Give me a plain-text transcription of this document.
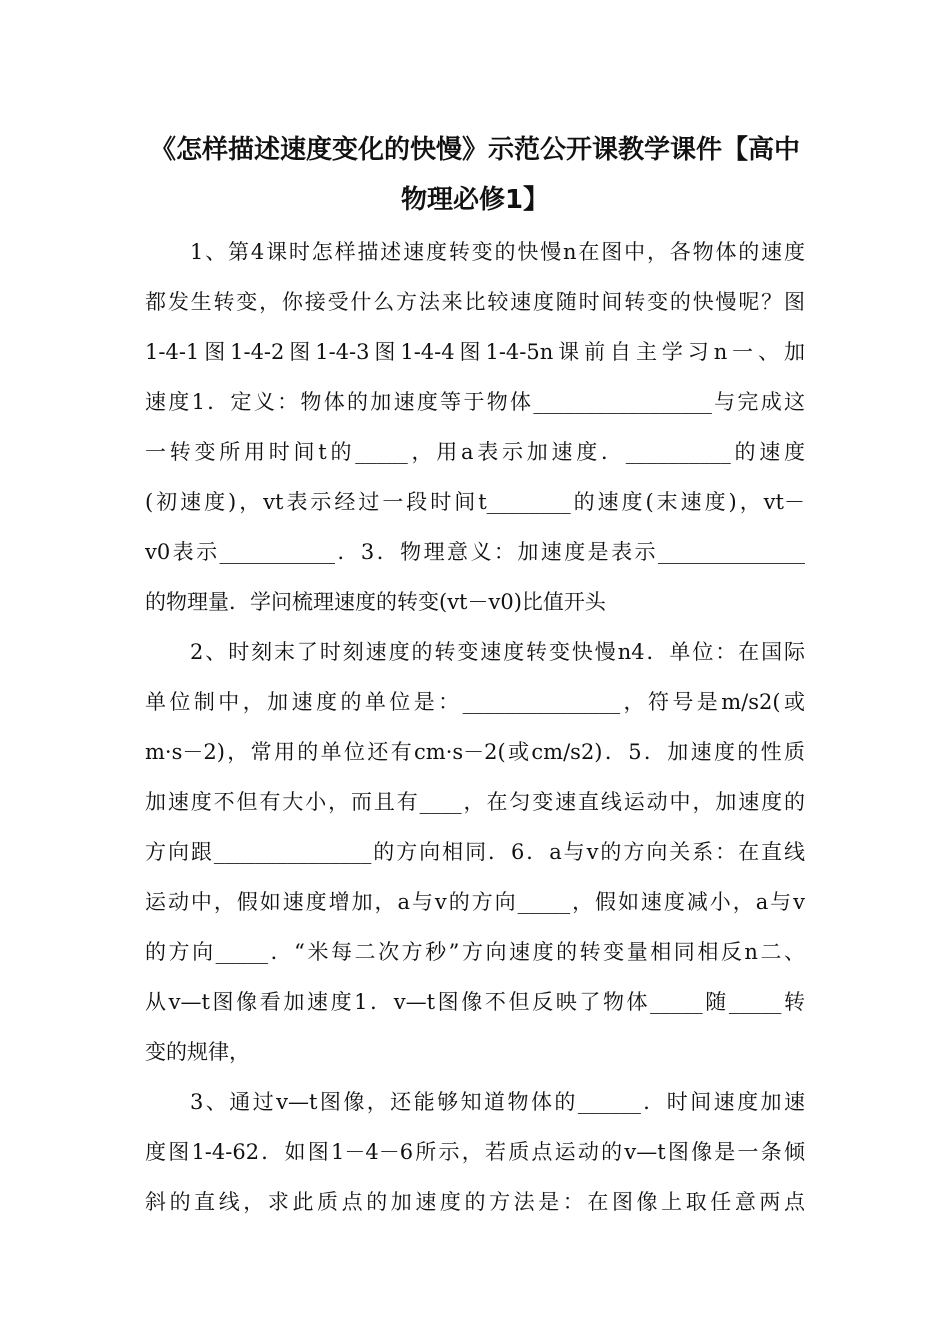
《怎样描述速度变化的快慢》示范公开课教学课件【高中
物理必修1】
1、第4课时怎样描述速度转变的快慢n在图中，各物体的速度
都发生转变，你接受什么方法来比较速度随时间转变的快慢呢？图
1-4-1图1-4-2图1-4-3图1-4-4图1-4-5n课前自主学习n一、加
速度1．定义：物体的加速度等于物体_________________与完成这
一转变所用时间t的_____，用a表示加速度．__________的速度
(初速度)，vt表示经过一段时间t________的速度(末速度)，vt－
v0表示___________．3．物理意义：加速度是表示______________
的物理量．学问梳理速度的转变(vt－v0)比值开头
2、时刻末了时刻速度的转变速度转变快慢n4．单位：在国际
单位制中，加速度的单位是：_______________，符号是m/s2(或
m·s－2)，常用的单位还有cm·s－2(或cm/s2)．5．加速度的性质
加速度不但有大小，而且有____，在匀变速直线运动中，加速度的
方向跟_______________的方向相同．6．a与v的方向关系：在直线
运动中，假如速度增加，a与v的方向_____，假如速度减小，a与v
的方向_____．“米每二次方秒”方向速度的转变量相同相反n二、
从v—t图像看加速度1．v—t图像不但反映了物体_____随_____转
变的规律，
3、通过v—t图像，还能够知道物体的______．时间速度加速
度图1-4-62．如图1－4－6所示，若质点运动的v—t图像是一条倾
斜的直线，求此质点的加速度的方法是：在图像上取任意两点
